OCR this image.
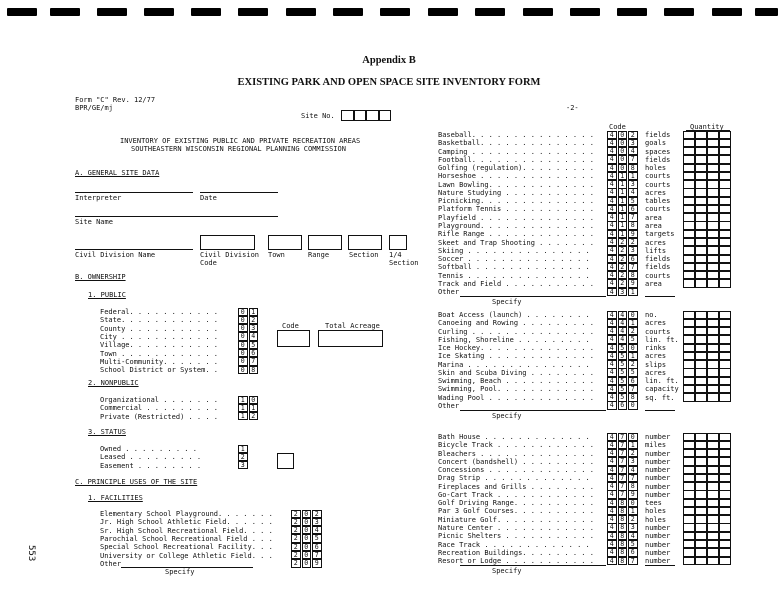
Appendix B
EXISTING PARK AND OPEN SPACE SITE INVENTORY FORM
Form "C" Rev. 12/77
BPR/GE/mj
Site No.
-2-
INVENTORY OF EXISTING PUBLIC AND PRIVATE RECREATION AREAS
SOUTHEASTERN WISCONSIN REGIONAL PLANNING COMMISSION
A. GENERAL SITE DATA
Interpreter	Date
Site Name
Civil Division Name	Civil Division
Code
Town	Range	Section 1/4
Section
B. OWNERSHIP
1. PUBLIC
Federal. . . . . . . . . . .	0 1
State. . . . . . . . . . . .	0 2
County . . . . . . . . . . .	0 3
City . . . . . . . . . . . .	0 4
Village. . . . . . . . . . .	0 5
Town . . . . . . . . . . . .	0 6
Multi-Community. . . . . . .	0 7
School District or System. .	0 8
Code	Total Acreage
2. NONPUBLIC
Organizational . . . . . . .	1 0
Commercial . . . . . . . . .	1 1
Private (Restricted) . . . .	1 2
3. STATUS
Owned . . . . . . . . .	1
Leased . . . . . . . . .	2
Easement . . . . . . . .	3
C. PRINCIPLE USES OF THE SITE
1. FACILITIES
Elementary School Playground. . . . . . .	2 0 2
Jr. High School Athletic Field. . . . . .	2 0 3
Sr. High School Recreational Field. . . .	2 0 4
Parochial School Recreational Field . . .	2 0 5
Special School Recreational Facility. . .	2 0 6
University or College Athletic Field. . .	2 0 7
Other	2 0 9
Specify
Code	Quantity
Baseball. . . . . . . . . . . . . . .	4 0 2	fields
Basketball. . . . . . . . . . . . . .	4 0 3	goals
Camping . . . . . . . . . . . . . . .	4 0 4	spaces
Football. . . . . . . . . . . . . . .	4 0 7	fields
Golfing (regulation). . . . . . . . .	4 0 8	holes
Horseshoe . . . . . . . . . . . . . .	4 1 1	courts
Lawn Bowling. . . . . . . . . . . . .	4 1 3	courts
Nature Studying . . . . . . . . . . .	4 1 4	acres
Picnicking. . . . . . . . . . . . . .	4 1 5	tables
Platform Tennis . . . . . . . . . . .	4 1 6	courts
Playfield . . . . . . . . . . . . . .	4 1 7	area
Playground. . . . . . . . . . . . . .	4 1 8	area
Rifle Range . . . . . . . . . . . . .	4 1 9	targets
Skeet and Trap Shooting . . . . . . .	4 2 2	acres
Skiing . . . . . . . . . . . . . . .	4 2 3	lifts
Soccer . . . . . . . . . . . . . . .	4 2 6	fields
Softball . . . . . . . . . . . . . .	4 2 7	fields
Tennis . . . . . . . . . . . . . . .	4 2 8	courts
Track and Field . . . . . . . . . . .	4 2 9	area
Other	4 3 1
Specify
Boat Access (launch) . . . . . . . .	4 4 0	no.
Canoeing and Rowing . . . . . . . . .	4 4 1	acres
Curling . . . . . . . . . . . . . . .	4 4 2	courts
Fishing, Shoreline . . . . . . . . .	4 4 5	lin. ft.
Ice Hockey. . . . . . . . . . . . . .	4 5 0	rinks
Ice Skating . . . . . . . . . . . . .	4 5 1	acres
Marina . . . . . . . . . . . . . . .	4 5 2	slips
Skin and Scuba Diving . . . . . . . .	4 5 5	acres
Swimming, Beach . . . . . . . . . . .	4 5 6	lin. ft.
Swimming, Pool. . . . . . . . . . . .	4 5 7	capacity
Wading Pool . . . . . . . . . . . . .	4 5 8	sq. ft.
Other	4 6 0
Specify
Bath House . . . . . . . . . . . . .	4 7 0	number
Bicycle Track . . . . . . . . . . . .	4 7 1	miles
Bleachers . . . . . . . . . . . . . .	4 7 2	number
Concert (bandshell) . . . . . . . . .	4 7 3	number
Concessions . . . . . . . . . . . . .	4 7 4	number
Drag Strip . . . . . . . . . . . . .	4 7 7	number
Fireplaces and Grills . . . . . . . .	4 7 8	number
Go-Cart Track . . . . . . . . . . . .	4 7 9	number
Golf Driving Range. . . . . . . . . .	4 8 0	tees
Par 3 Golf Courses. . . . . . . . . .	4 8 1	holes
Miniature Golf. . . . . . . . . . . .	4 8 2	holes
Nature Center . . . . . . . . . . . .	4 8 3	number
Picnic Shelters . . . . . . . . . . .	4 8 4	number
Race Track . . . . . . . . . . . . .	4 8 5	number
Recreation Buildings. . . . . . . . .	4 8 6	number
Resort or Lodge . . . . . . . . . . .	4 8 7	number
Specify
553
